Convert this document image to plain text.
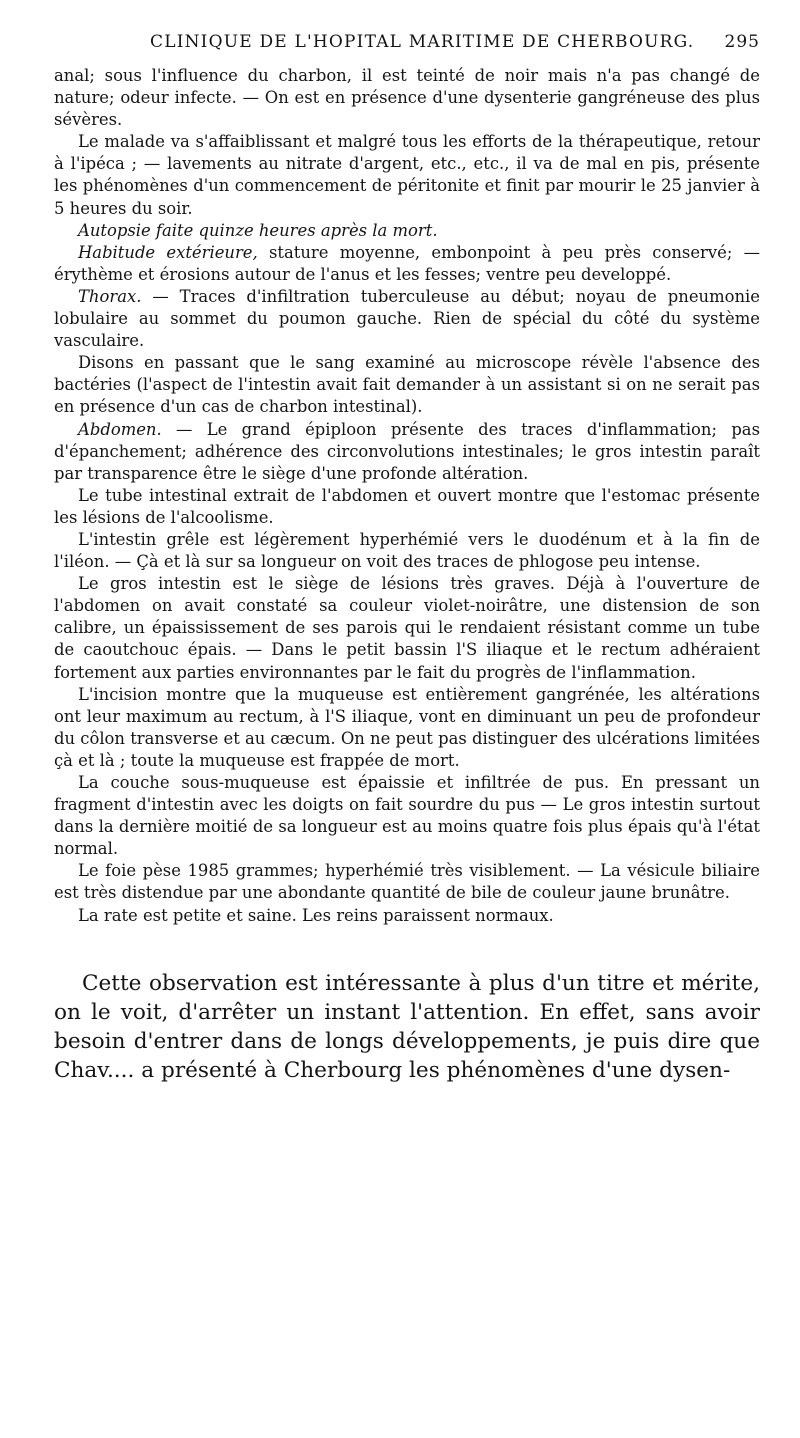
CLINIQUE DE L'HOPITAL MARITIME DE CHERBOURG. 295

anal; sous l'influence du charbon, il est teinté de noir mais n'a pas changé de nature; odeur infecte. — On est en présence d'une dysenterie gangréneuse des plus sévères.

Le malade va s'affaiblissant et malgré tous les efforts de la thérapeutique, retour à l'ipéca ; — lavements au nitrate d'argent, etc., etc., il va de mal en pis, présente les phénomènes d'un commencement de péritonite et finit par mourir le 25 janvier à 5 heures du soir.

Autopsie faite quinze heures après la mort.

Habitude extérieure, stature moyenne, embonpoint à peu près conservé; — érythème et érosions autour de l'anus et les fesses; ventre peu developpé.

Thorax. — Traces d'infiltration tuberculeuse au début; noyau de pneumonie lobulaire au sommet du poumon gauche. Rien de spécial du côté du système vasculaire.

Disons en passant que le sang examiné au microscope révèle l'absence des bactéries (l'aspect de l'intestin avait fait demander à un assistant si on ne serait pas en présence d'un cas de charbon intestinal).

Abdomen. — Le grand épiploon présente des traces d'inflammation; pas d'épanchement; adhérence des circonvolutions intestinales; le gros intestin paraît par transparence être le siège d'une profonde altération.

Le tube intestinal extrait de l'abdomen et ouvert montre que l'estomac présente les lésions de l'alcoolisme.

L'intestin grêle est légèrement hyperhémié vers le duodénum et à la fin de l'iléon. — Çà et là sur sa longueur on voit des traces de phlogose peu intense.

Le gros intestin est le siège de lésions très graves. Déjà à l'ouverture de l'abdomen on avait constaté sa couleur violet-noirâtre, une distension de son calibre, un épaississement de ses parois qui le rendaient résistant comme un tube de caoutchouc épais. — Dans le petit bassin l'S iliaque et le rectum adhéraient fortement aux parties environnantes par le fait du progrès de l'inflammation.

L'incision montre que la muqueuse est entièrement gangrénée, les altérations ont leur maximum au rectum, à l'S iliaque, vont en diminuant un peu de profondeur du côlon transverse et au cæcum. On ne peut pas distinguer des ulcérations limitées çà et là ; toute la muqueuse est frappée de mort.

La couche sous-muqueuse est épaissie et infiltrée de pus. En pressant un fragment d'intestin avec les doigts on fait sourdre du pus — Le gros intestin surtout dans la dernière moitié de sa longueur est au moins quatre fois plus épais qu'à l'état normal.

Le foie pèse 1985 grammes; hyperhémié très visiblement. — La vésicule biliaire est très distendue par une abondante quantité de bile de couleur jaune brunâtre.

La rate est petite et saine. Les reins paraissent normaux.

Cette observation est intéressante à plus d'un titre et mérite, on le voit, d'arrêter un instant l'attention. En effet, sans avoir besoin d'entrer dans de longs développements, je puis dire que Chav.... a présenté à Cherbourg les phénomènes d'une dysen-
